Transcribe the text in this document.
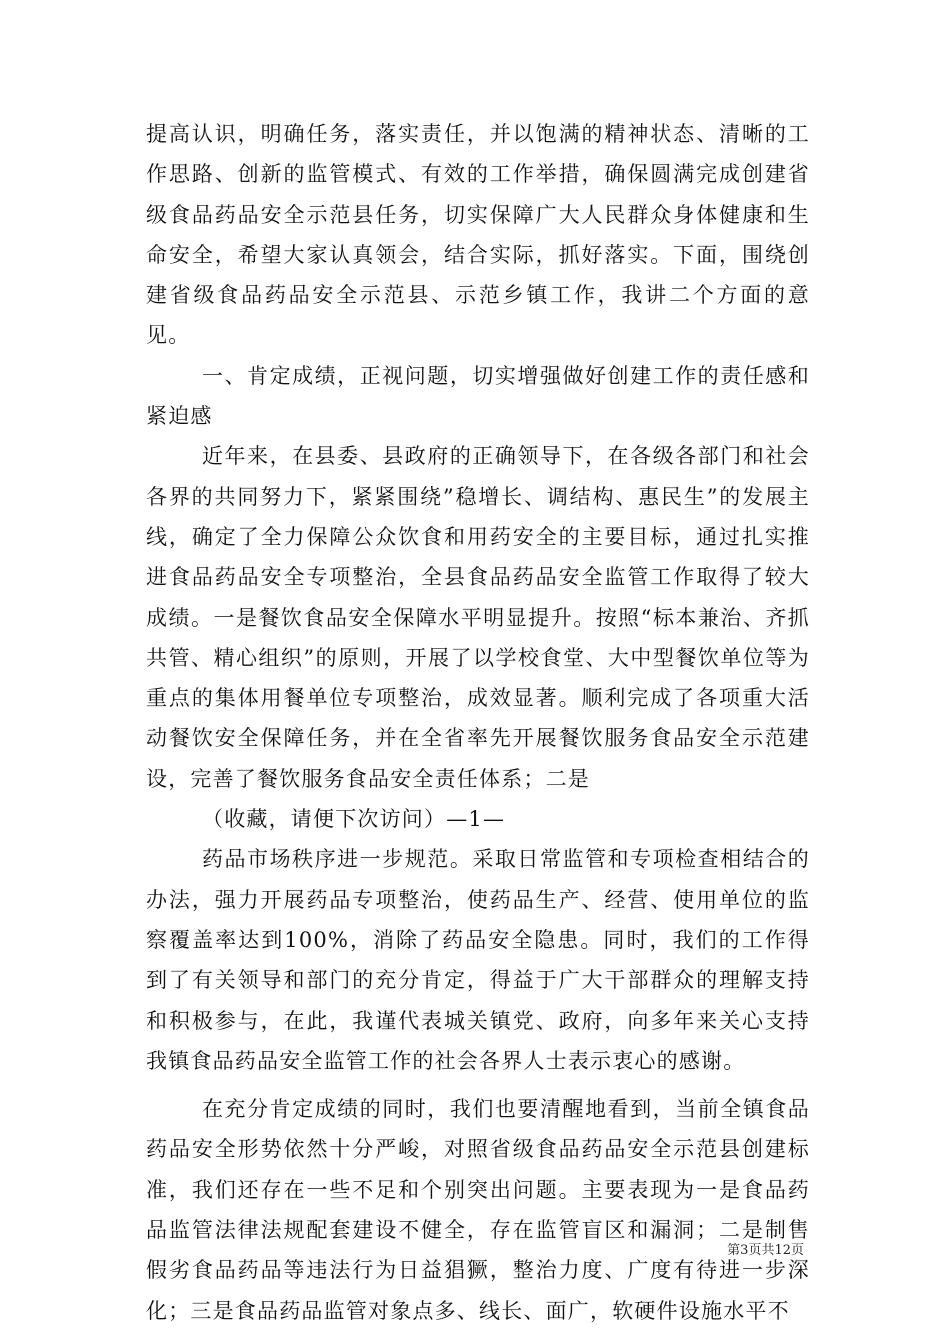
提高认识，明确任务，落实责任，并以饱满的精神状态、清晰的工作思路、创新的监管模式、有效的工作举措，确保圆满完成创建省级食品药品安全示范县任务，切实保障广大人民群众身体健康和生命安全，希望大家认真领会，结合实际，抓好落实。下面，围绕创建省级食品药品安全示范县、示范乡镇工作，我讲二个方面的意见。

一、肯定成绩，正视问题，切实增强做好创建工作的责任感和紧迫感

近年来，在县委、县政府的正确领导下，在各级各部门和社会各界的共同努力下，紧紧围绕”稳增长、调结构、惠民生”的发展主线，确定了全力保障公众饮食和用药安全的主要目标，通过扎实推进食品药品安全专项整治，全县食品药品安全监管工作取得了较大成绩。一是餐饮食品安全保障水平明显提升。按照“标本兼治、齐抓共管、精心组织”的原则，开展了以学校食堂、大中型餐饮单位等为重点的集体用餐单位专项整治，成效显著。顺利完成了各项重大活动餐饮安全保障任务，并在全省率先开展餐饮服务食品安全示范建设，完善了餐饮服务食品安全责任体系；二是

（收藏，请便下次访问）—1—

药品市场秩序进一步规范。采取日常监管和专项检查相结合的办法，强力开展药品专项整治，使药品生产、经营、使用单位的监察覆盖率达到100%，消除了药品安全隐患。同时，我们的工作得到了有关领导和部门的充分肯定，得益于广大干部群众的理解支持和积极参与，在此，我谨代表城关镇党、政府，向多年来关心支持我镇食品药品安全监管工作的社会各界人士表示衷心的感谢。

在充分肯定成绩的同时，我们也要清醒地看到，当前全镇食品药品安全形势依然十分严峻，对照省级食品药品安全示范县创建标准，我们还存在一些不足和个别突出问题。主要表现为一是食品药品监管法律法规配套建设不健全，存在监管盲区和漏洞；二是制售假劣食品药品等违法行为日益猖獗，整治力度、广度有待进一步深化；三是食品药品监管对象点多、线长、面广，软硬件设施水平不

第3页共12页
